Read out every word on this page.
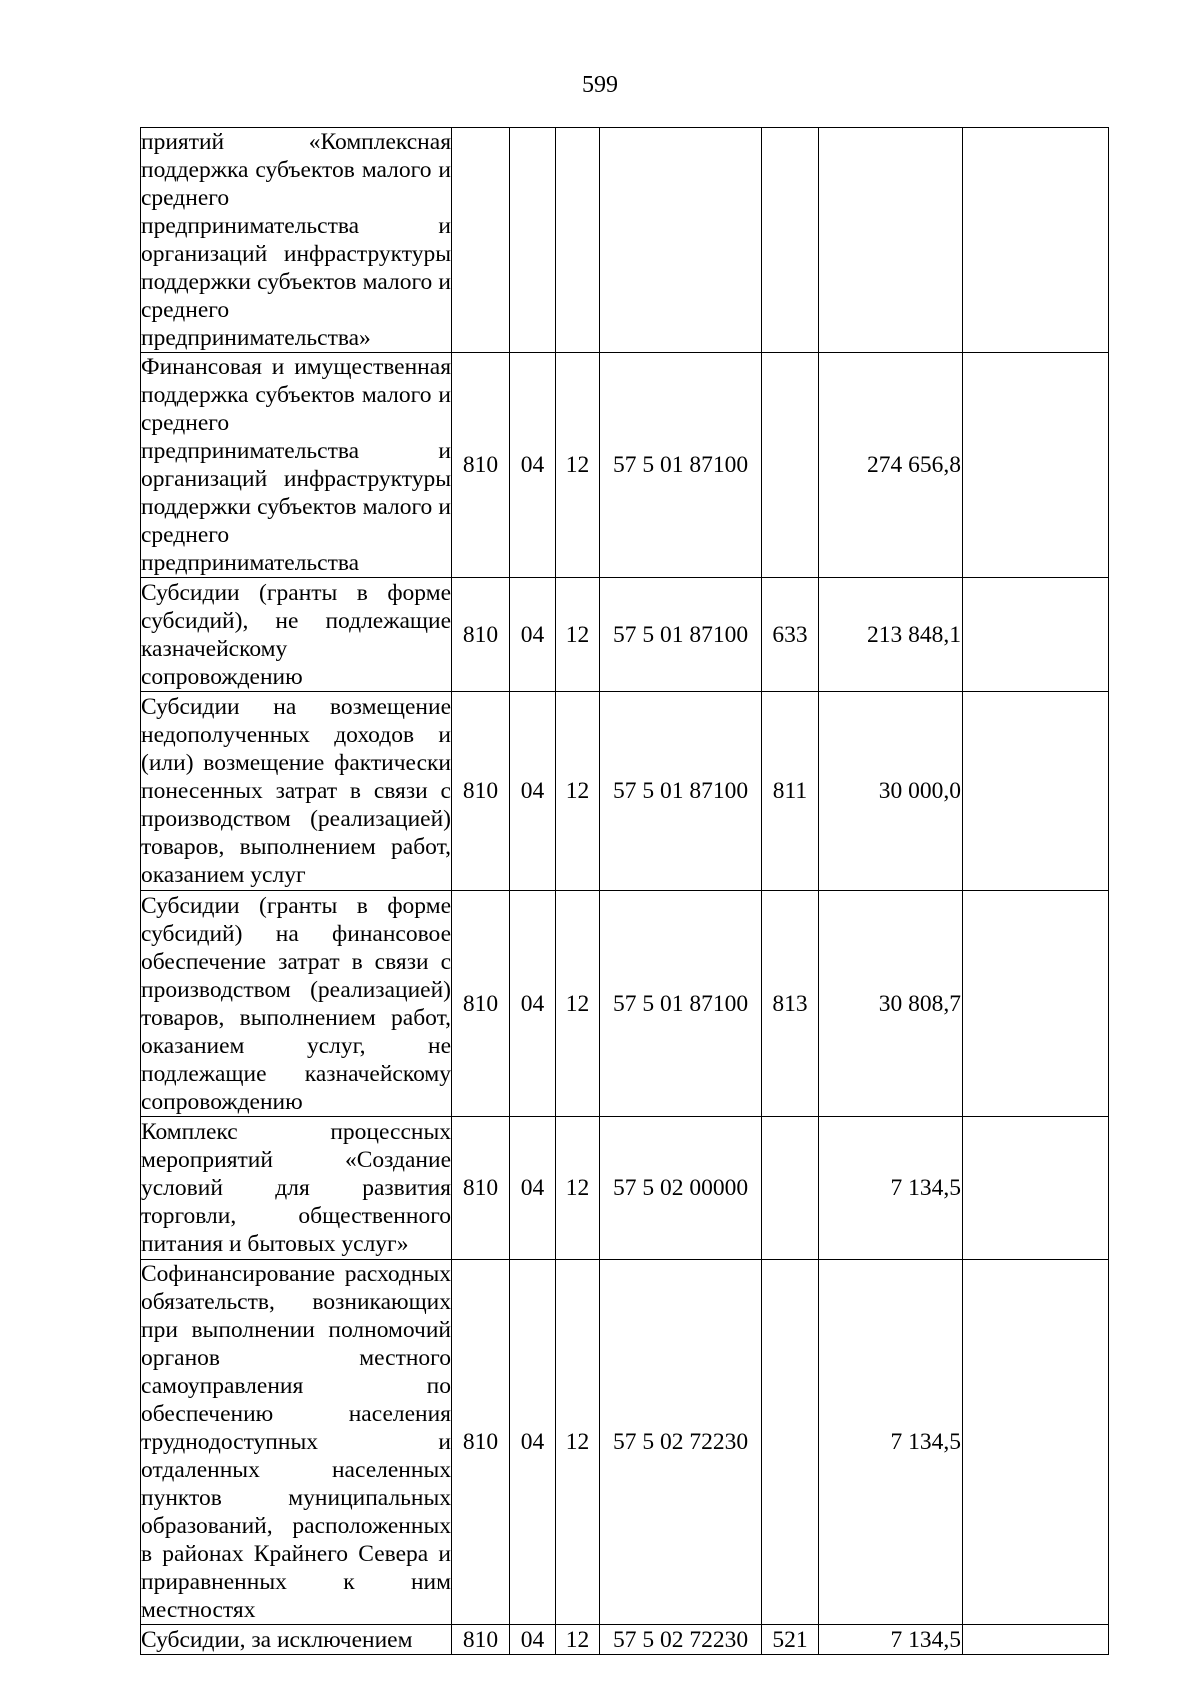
599
приятий «Комплексная поддержка субъектов малого и среднего предпринимательства и организаций инфраструктуры поддержки субъектов малого и среднего предпринимательства»							
Финансовая и имущественная поддержка субъектов малого и среднего предпринимательства и организаций инфраструктуры поддержки субъектов малого и среднего предпринимательства	810	04	12	57 5 01 87100		274 656,8	
Субсидии (гранты в форме субсидий), не подлежащие казначейскому сопровождению	810	04	12	57 5 01 87100	633	213 848,1	
Субсидии на возмещение недополученных доходов и (или) возмещение фактически понесенных затрат в связи с производством (реализацией) товаров, выполнением работ, оказанием услуг	810	04	12	57 5 01 87100	811	30 000,0	
Субсидии (гранты в форме субсидий) на финансовое обеспечение затрат в связи с производством (реализацией) товаров, выполнением работ, оказанием услуг, не подлежащие казначейскому сопровождению	810	04	12	57 5 01 87100	813	30 808,7	
Комплекс процессных мероприятий «Создание условий для развития торговли, общественного питания и бытовых услуг»	810	04	12	57 5 02 00000		7 134,5	
Софинансирование расходных обязательств, возникающих при выполнении полномочий органов местного самоуправления по обеспечению населения труднодоступных и отдаленных населенных пунктов муниципальных образований, расположенных в районах Крайнего Севера и приравненных к ним местностях	810	04	12	57 5 02 72230		7 134,5	
Субсидии, за исключением	810	04	12	57 5 02 72230	521	7 134,5	
